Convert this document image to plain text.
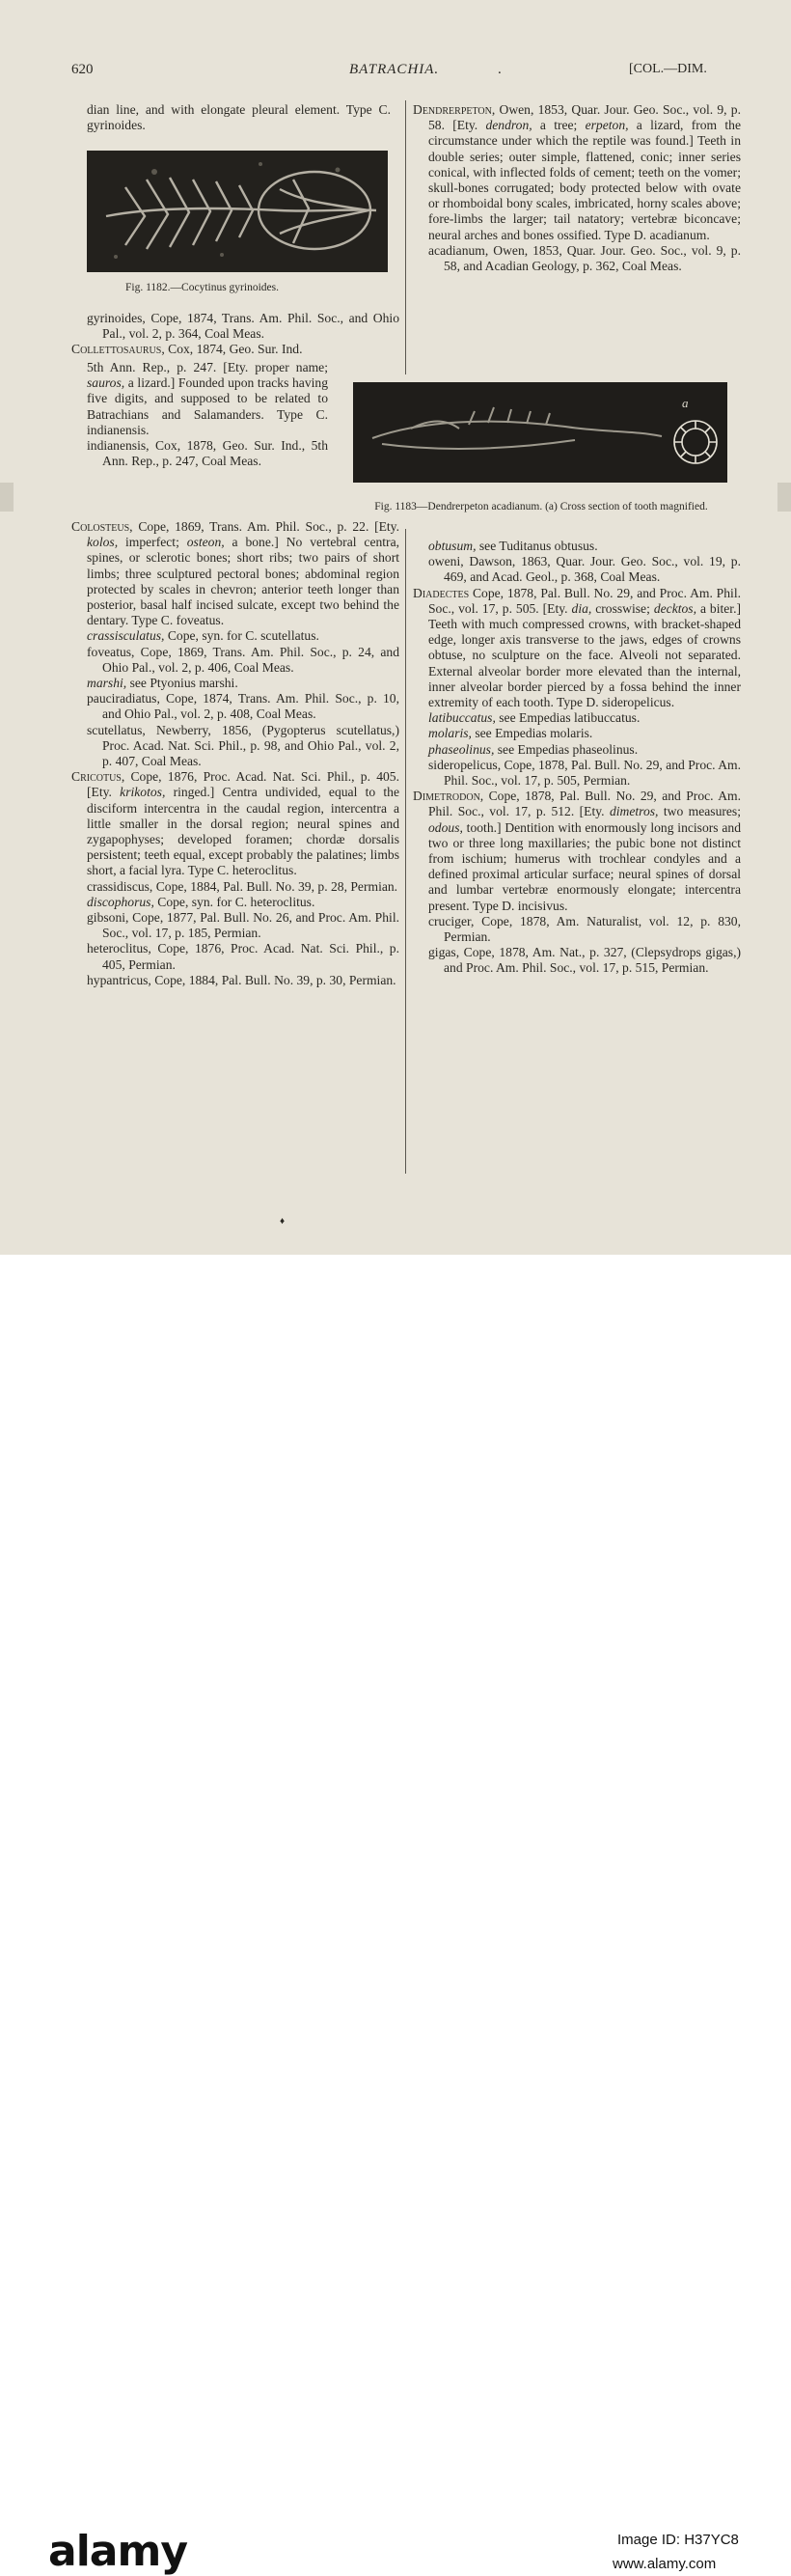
620	BATRACHIA.	.	[COL.—DIM.

dian line, and with elongate pleural element. Type C. gyrinoides.

Fig. 1182.—Cocytinus gyrinoides.

gyrinoides, Cope, 1874, Trans. Am. Phil. Soc., and Ohio Pal., vol. 2, p. 364, Coal Meas.

Collettosaurus, Cox, 1874, Geo. Sur. Ind.

5th Ann. Rep., p. 247. [Ety. proper name; sauros, a lizard.] Founded upon tracks having five digits, and supposed to be related to Batrachians and Salamanders. Type C. indianensis.

indianensis, Cox, 1878, Geo. Sur. Ind., 5th Ann. Rep., p. 247, Coal Meas.

a
Fig. 1183—Dendrerpeton acadianum. (a) Cross section of tooth magnified.

Colosteus, Cope, 1869, Trans. Am. Phil. Soc., p. 22. [Ety. kolos, imperfect; osteon, a bone.] No vertebral centra, spines, or sclerotic bones; short ribs; two pairs of short limbs; three sculptured pectoral bones; abdominal region protected by scales in chevron; anterior teeth longer than posterior, basal half incised sulcate, except two behind the dentary. Type C. foveatus.

crassisculatus, Cope, syn. for C. scutellatus.

foveatus, Cope, 1869, Trans. Am. Phil. Soc., p. 24, and Ohio Pal., vol. 2, p. 406, Coal Meas.

marshi, see Ptyonius marshi.

pauciradiatus, Cope, 1874, Trans. Am. Phil. Soc., p. 10, and Ohio Pal., vol. 2, p. 408, Coal Meas.

scutellatus, Newberry, 1856, (Pygopterus scutellatus,) Proc. Acad. Nat. Sci. Phil., p. 98, and Ohio Pal., vol. 2, p. 407, Coal Meas.

Cricotus, Cope, 1876, Proc. Acad. Nat. Sci. Phil., p. 405. [Ety. krikotos, ringed.] Centra undivided, equal to the disciform intercentra in the caudal region, intercentra a little smaller in the dorsal region; neural spines and zygapophyses; developed foramen; chordæ dorsalis persistent; teeth equal, except probably the palatines; limbs short, a facial lyra. Type C. heteroclitus.

crassidiscus, Cope, 1884, Pal. Bull. No. 39, p. 28, Permian.

discophorus, Cope, syn. for C. heteroclitus.

gibsoni, Cope, 1877, Pal. Bull. No. 26, and Proc. Am. Phil. Soc., vol. 17, p. 185, Permian.

heteroclitus, Cope, 1876, Proc. Acad. Nat. Sci. Phil., p. 405, Permian.

hypantricus, Cope, 1884, Pal. Bull. No. 39, p. 30, Permian.

Dendrerpeton, Owen, 1853, Quar. Jour. Geo. Soc., vol. 9, p. 58. [Ety. dendron, a tree; erpeton, a lizard, from the circumstance under which the reptile was found.] Teeth in double series; outer simple, flattened, conic; inner series conical, with inflected folds of cement; teeth on the vomer; skull-bones corrugated; body protected below with ovate or rhomboidal bony scales, imbricated, horny scales above; fore-limbs the larger; tail natatory; vertebræ biconcave; neural arches and bones ossified. Type D. acadianum.

acadianum, Owen, 1853, Quar. Jour. Geo. Soc., vol. 9, p. 58, and Acadian Geology, p. 362, Coal Meas.

obtusum, see Tuditanus obtusus.

oweni, Dawson, 1863, Quar. Jour. Geo. Soc., vol. 19, p. 469, and Acad. Geol., p. 368, Coal Meas.

Diadectes Cope, 1878, Pal. Bull. No. 29, and Proc. Am. Phil. Soc., vol. 17, p. 505. [Ety. dia, crosswise; decktos, a biter.] Teeth with much compressed crowns, with bracket-shaped edge, longer axis transverse to the jaws, edges of crowns obtuse, no sculpture on the face. Alveoli not separated. External alveolar border more elevated than the internal, inner alveolar border pierced by a fossa behind the inner extremity of each tooth. Type D. sideropelicus.

latibuccatus, see Empedias latibuccatus.

molaris, see Empedias molaris.

phaseolinus, see Empedias phaseolinus.

sideropelicus, Cope, 1878, Pal. Bull. No. 29, and Proc. Am. Phil. Soc., vol. 17, p. 505, Permian.

Dimetrodon, Cope, 1878, Pal. Bull. No. 29, and Proc. Am. Phil. Soc., vol. 17, p. 512. [Ety. dimetros, two measures; odous, tooth.] Dentition with enormously long incisors and two or three long maxillaries; the pubic bone not distinct from ischium; humerus with trochlear condyles and a defined proximal articular surface; neural spines of dorsal and lumbar vertebræ enormously elongate; intercentra present. Type D. incisivus.

cruciger, Cope, 1878, Am. Naturalist, vol. 12, p. 830, Permian.

gigas, Cope, 1878, Am. Nat., p. 327, (Clepsydrops gigas,) and Proc. Am. Phil. Soc., vol. 17, p. 515, Permian.

♦
alamy	Image ID: H37YC8
www.alamy.com
